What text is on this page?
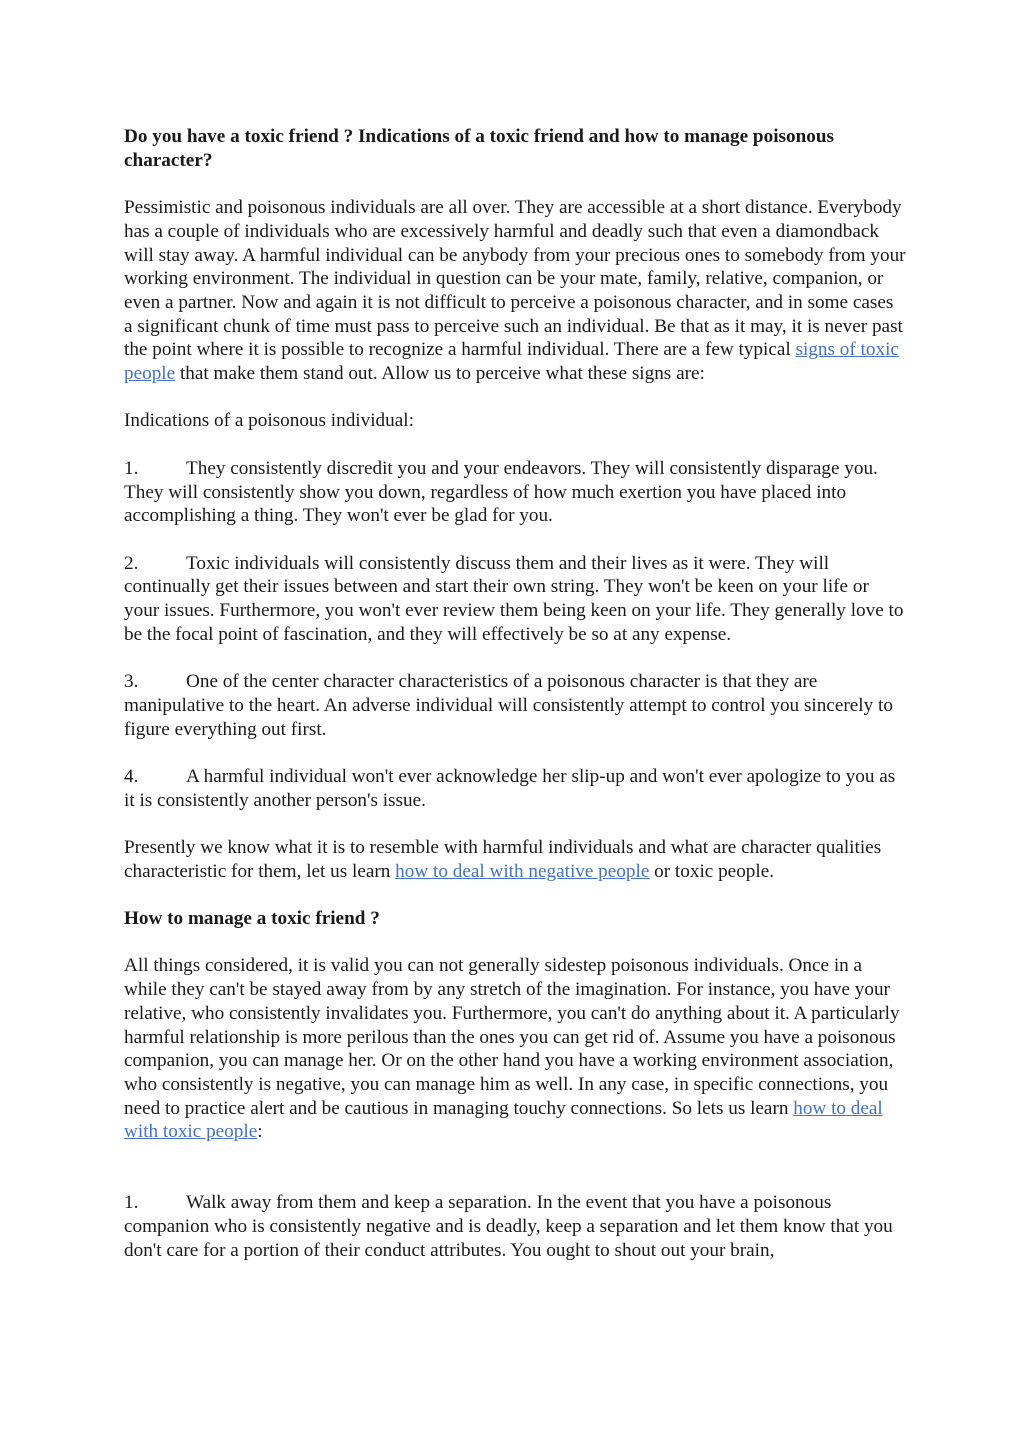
Do you have a toxic friend ? Indications of a toxic friend and how to manage poisonous character?

Pessimistic and poisonous individuals are all over. They are accessible at a short distance. Everybody has a couple of individuals who are excessively harmful and deadly such that even a diamondback will stay away. A harmful individual can be anybody from your precious ones to somebody from your working environment. The individual in question can be your mate, family, relative, companion, or even a partner. Now and again it is not difficult to perceive a poisonous character, and in some cases a significant chunk of time must pass to perceive such an individual. Be that as it may, it is never past the point where it is possible to recognize a harmful individual. There are a few typical signs of toxic people that make them stand out. Allow us to perceive what these signs are:

Indications of a poisonous individual:

1. They consistently discredit you and your endeavors. They will consistently disparage you. They will consistently show you down, regardless of how much exertion you have placed into accomplishing a thing. They won't ever be glad for you.

2. Toxic individuals will consistently discuss them and their lives as it were. They will continually get their issues between and start their own string. They won't be keen on your life or your issues. Furthermore, you won't ever review them being keen on your life. They generally love to be the focal point of fascination, and they will effectively be so at any expense.

3. One of the center character characteristics of a poisonous character is that they are manipulative to the heart. An adverse individual will consistently attempt to control you sincerely to figure everything out first.

4. A harmful individual won't ever acknowledge her slip-up and won't ever apologize to you as it is consistently another person's issue.

Presently we know what it is to resemble with harmful individuals and what are character qualities characteristic for them, let us learn how to deal with negative people or toxic people.

How to manage a toxic friend ?

All things considered, it is valid you can not generally sidestep poisonous individuals. Once in a while they can't be stayed away from by any stretch of the imagination. For instance, you have your relative, who consistently invalidates you. Furthermore, you can't do anything about it. A particularly harmful relationship is more perilous than the ones you can get rid of. Assume you have a poisonous companion, you can manage her. Or on the other hand you have a working environment association, who consistently is negative, you can manage him as well. In any case, in specific connections, you need to practice alert and be cautious in managing touchy connections. So lets us learn how to deal with toxic people:

1. Walk away from them and keep a separation. In the event that you have a poisonous companion who is consistently negative and is deadly, keep a separation and let them know that you don't care for a portion of their conduct attributes. You ought to shout out your brain,
